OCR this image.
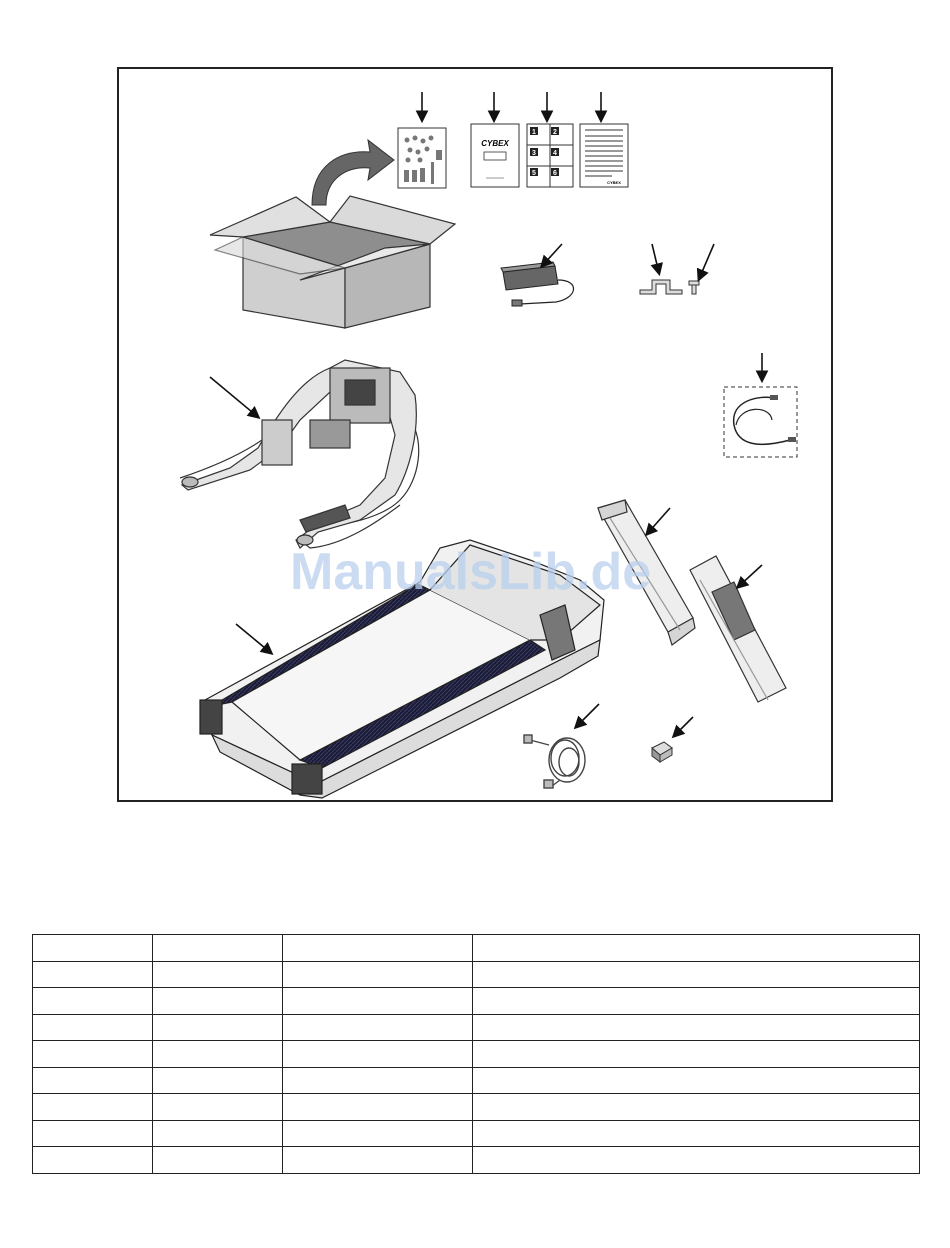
CYBEX
1 2
3 4
5 6
CYBEX
ManualsLib.de
